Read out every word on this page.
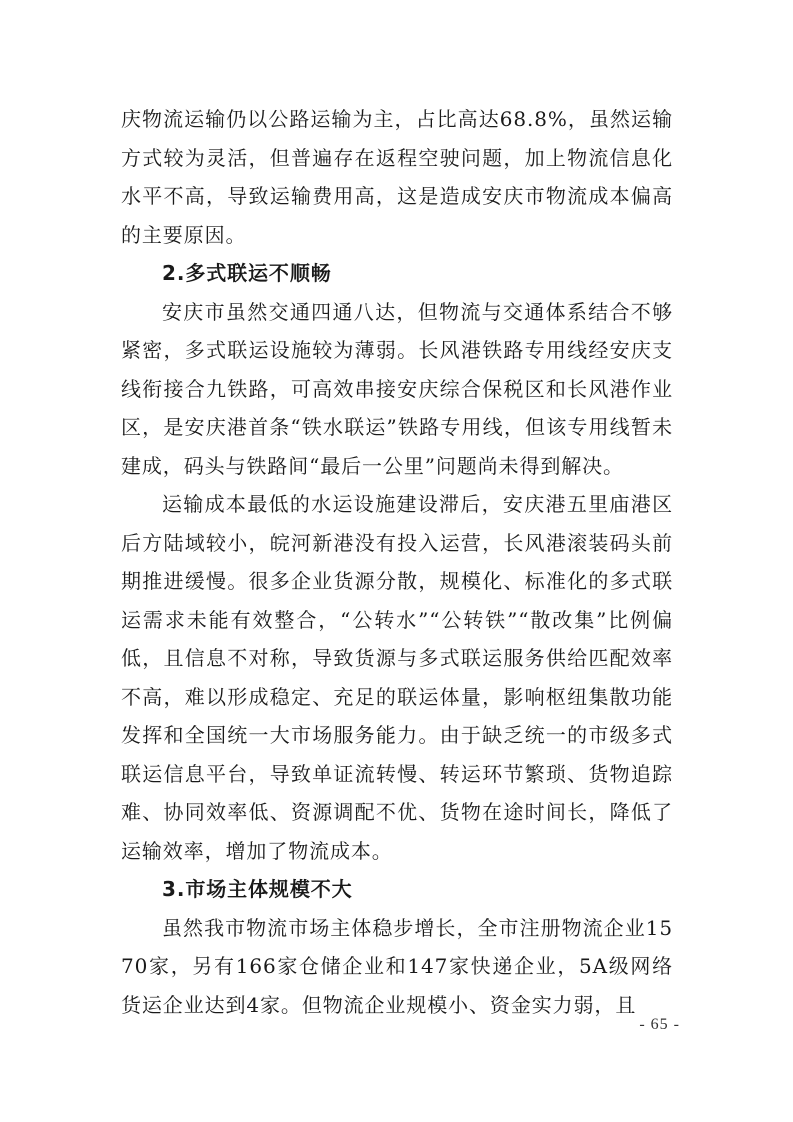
庆物流运输仍以公路运输为主，占比高达68.8%，虽然运输方式较为灵活，但普遍存在返程空驶问题，加上物流信息化水平不高，导致运输费用高，这是造成安庆市物流成本偏高的主要原因。

2.多式联运不顺畅

安庆市虽然交通四通八达，但物流与交通体系结合不够紧密，多式联运设施较为薄弱。长风港铁路专用线经安庆支线衔接合九铁路，可高效串接安庆综合保税区和长风港作业区，是安庆港首条“铁水联运”铁路专用线，但该专用线暂未建成，码头与铁路间“最后一公里”问题尚未得到解决。

运输成本最低的水运设施建设滞后，安庆港五里庙港区后方陆域较小，皖河新港没有投入运营，长风港滚装码头前期推进缓慢。很多企业货源分散，规模化、标准化的多式联运需求未能有效整合，“公转水”“公转铁”“散改集”比例偏低，且信息不对称，导致货源与多式联运服务供给匹配效率不高，难以形成稳定、充足的联运体量，影响枢纽集散功能发挥和全国统一大市场服务能力。由于缺乏统一的市级多式联运信息平台，导致单证流转慢、转运环节繁琐、货物追踪难、协同效率低、资源调配不优、货物在途时间长，降低了运输效率，增加了物流成本。

3.市场主体规模不大

虽然我市物流市场主体稳步增长，全市注册物流企业1570家，另有166家仓储企业和147家快递企业，5A级网络货运企业达到4家。但物流企业规模小、资金实力弱，且

- 65 -
